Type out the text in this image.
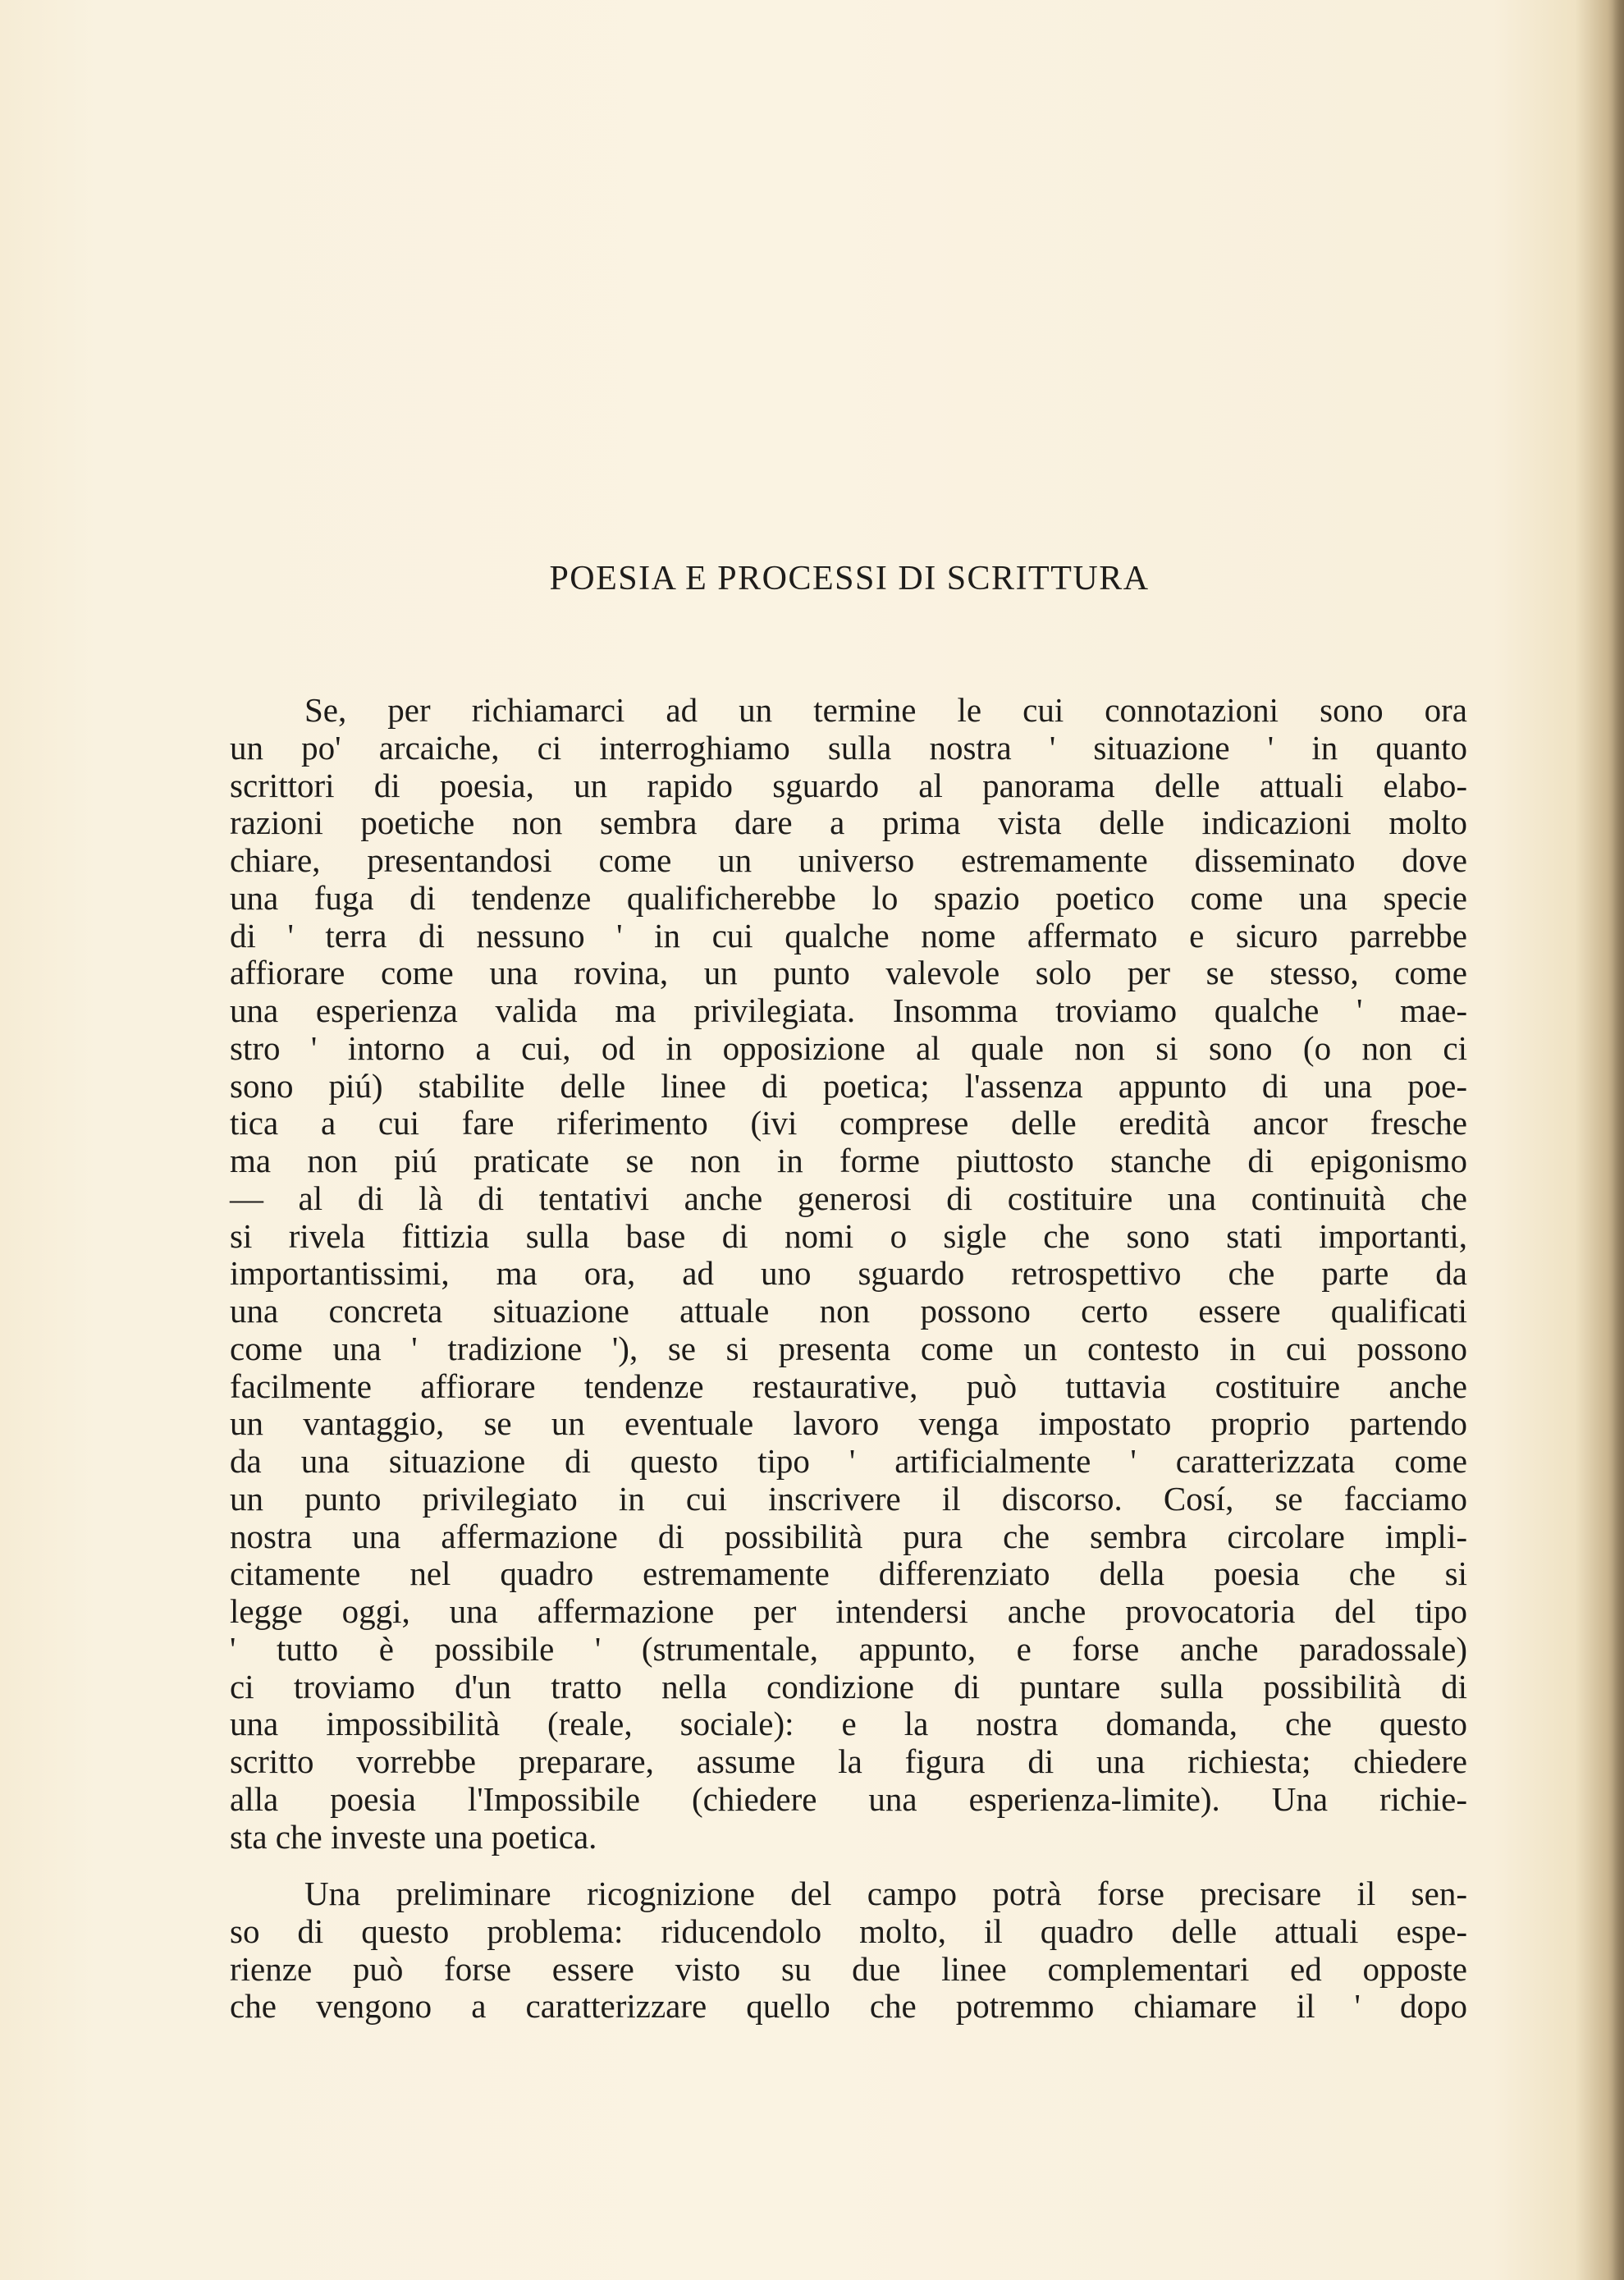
POESIA E PROCESSI DI SCRITTURA
Se, per richiamarci ad un termine le cui connotazioni sono ora
un po' arcaiche, ci interroghiamo sulla nostra ' situazione ' in quanto
scrittori di poesia, un rapido sguardo al panorama delle attuali elabo-
razioni poetiche non sembra dare a prima vista delle indicazioni molto
chiare, presentandosi come un universo estremamente disseminato dove
una fuga di tendenze qualificherebbe lo spazio poetico come una specie
di ' terra di nessuno ' in cui qualche nome affermato e sicuro parrebbe
affiorare come una rovina, un punto valevole solo per se stesso, come
una esperienza valida ma privilegiata. Insomma troviamo qualche ' mae-
stro ' intorno a cui, od in opposizione al quale non si sono (o non ci
sono piú) stabilite delle linee di poetica; l'assenza appunto di una poe-
tica a cui fare riferimento (ivi comprese delle eredità ancor fresche
ma non piú praticate se non in forme piuttosto stanche di epigonismo
— al di là di tentativi anche generosi di costituire una continuità che
si rivela fittizia sulla base di nomi o sigle che sono stati importanti,
importantissimi, ma ora, ad uno sguardo retrospettivo che parte da
una concreta situazione attuale non possono certo essere qualificati
come una ' tradizione '), se si presenta come un contesto in cui possono
facilmente affiorare tendenze restaurative, può tuttavia costituire anche
un vantaggio, se un eventuale lavoro venga impostato proprio partendo
da una situazione di questo tipo ' artificialmente ' caratterizzata come
un punto privilegiato in cui inscrivere il discorso. Cosí, se facciamo
nostra una affermazione di possibilità pura che sembra circolare impli-
citamente nel quadro estremamente differenziato della poesia che si
legge oggi, una affermazione per intendersi anche provocatoria del tipo
' tutto è possibile ' (strumentale, appunto, e forse anche paradossale)
ci troviamo d'un tratto nella condizione di puntare sulla possibilità di
una impossibilità (reale, sociale): e la nostra domanda, che questo
scritto vorrebbe preparare, assume la figura di una richiesta; chiedere
alla poesia l'Impossibile (chiedere una esperienza-limite). Una richie-
sta che investe una poetica.
Una preliminare ricognizione del campo potrà forse precisare il sen-
so di questo problema: riducendolo molto, il quadro delle attuali espe-
rienze può forse essere visto su due linee complementari ed opposte
che vengono a caratterizzare quello che potremmo chiamare il ' dopo
